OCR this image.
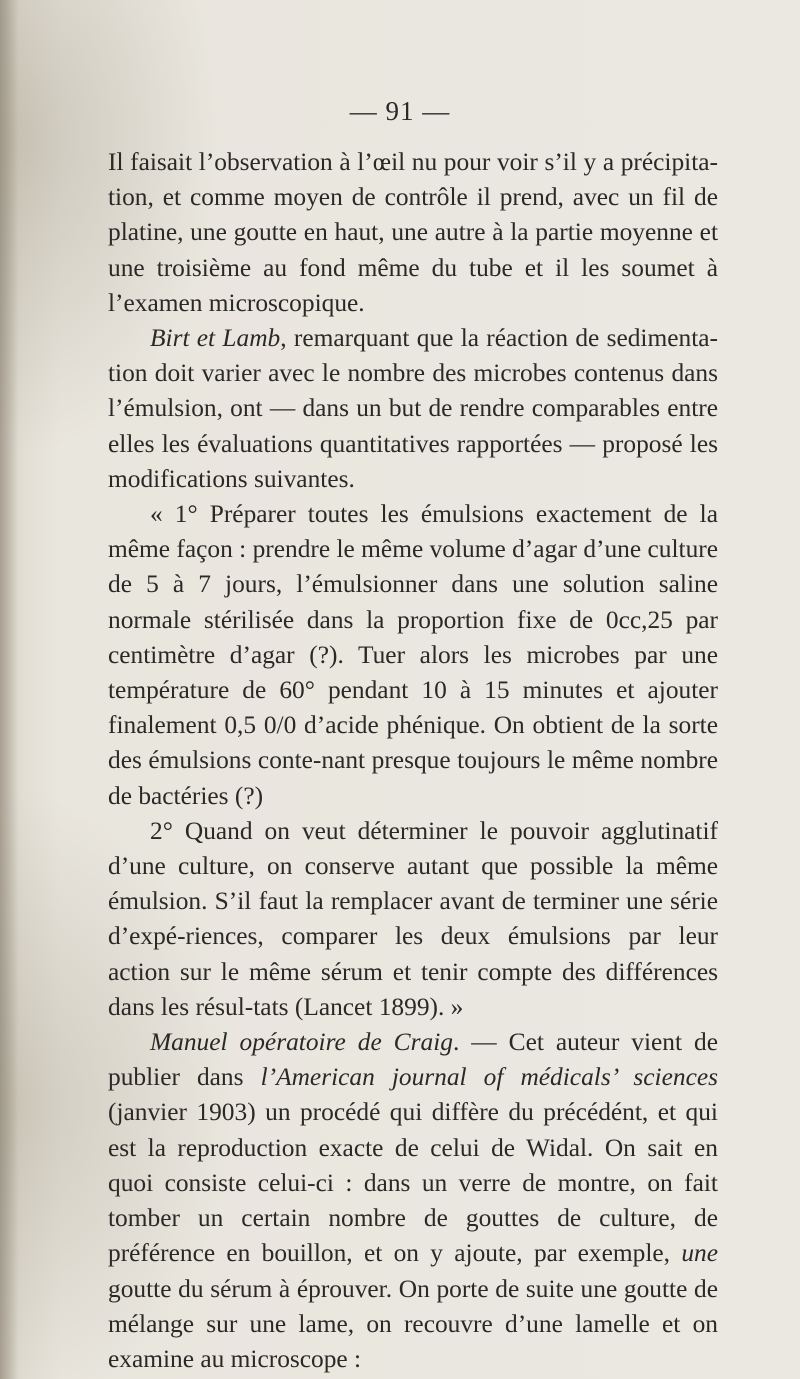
— 91 —

Il faisait l’observation à l’œil nu pour voir s’il y a précipita-tion, et comme moyen de contrôle il prend, avec un fil de platine, une goutte en haut, une autre à la partie moyenne et une troisième au fond même du tube et il les soumet à l’examen microscopique.

Birt et Lamb, remarquant que la réaction de sedimenta-tion doit varier avec le nombre des microbes contenus dans l’émulsion, ont — dans un but de rendre comparables entre elles les évaluations quantitatives rapportées — proposé les modifications suivantes.

« 1° Préparer toutes les émulsions exactement de la même façon : prendre le même volume d’agar d’une culture de 5 à 7 jours, l’émulsionner dans une solution saline normale stérilisée dans la proportion fixe de 0cc,25 par centimètre d’agar (?). Tuer alors les microbes par une température de 60° pendant 10 à 15 minutes et ajouter finalement 0,5 0/0 d’acide phénique. On obtient de la sorte des émulsions conte-nant presque toujours le même nombre de bactéries (?)

2° Quand on veut déterminer le pouvoir agglutinatif d’une culture, on conserve autant que possible la même émulsion. S’il faut la remplacer avant de terminer une série d’expé-riences, comparer les deux émulsions par leur action sur le même sérum et tenir compte des différences dans les résul-tats (Lancet 1899). »

Manuel opératoire de Craig. — Cet auteur vient de publier dans l’American journal of médicals’ sciences (janvier 1903) un procédé qui diffère du précédént, et qui est la reproduction exacte de celui de Widal. On sait en quoi consiste celui-ci : dans un verre de montre, on fait tomber un certain nombre de gouttes de culture, de préférence en bouillon, et on y ajoute, par exemple, une goutte du sérum à éprouver. On porte de suite une goutte de mélange sur une lame, on recouvre d’une lamelle et on examine au microscope :
